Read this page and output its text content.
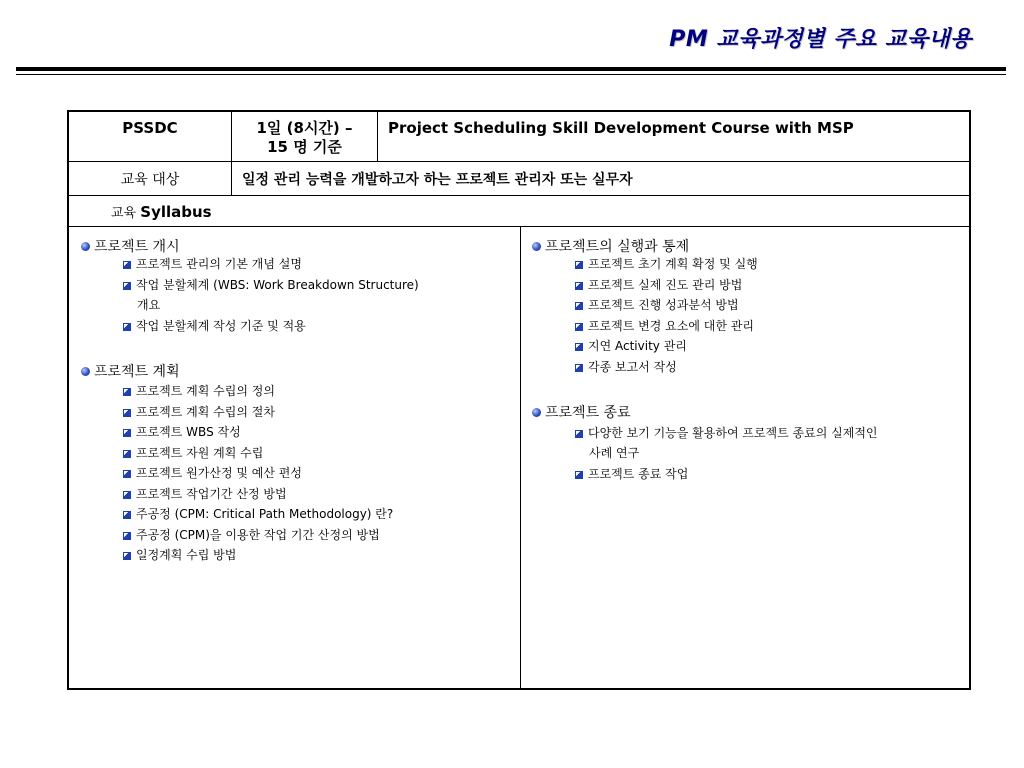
PM 교육과정별 주요 교육내용
PSSDC	1일 (8시간) –
15 명 기준
Project Scheduling Skill Development Course with MSP
교육 대상	일정 관리 능력을 개발하고자 하는 프로젝트 관리자 또는 실무자
교육 Syllabus
프로젝트 개시
프로젝트 관리의 기본 개념 설명
작업 분할체계 (WBS: Work Breakdown Structure)
개요
작업 분할체계 작성 기준 및 적용
프로젝트 계획
프로젝트 계획 수립의 정의
프로젝트 계획 수립의 절차
프로젝트 WBS 작성
프로젝트 자원 계획 수립
프로젝트 원가산정 및 예산 편성
프로젝트 작업기간 산정 방법
주공정 (CPM: Critical Path Methodology) 란?
주공정 (CPM)을 이용한 작업 기간 산정의 방법
일정계획 수립 방법
프로젝트의 실행과 통제
프로젝트 초기 계획 확정 및 실행
프로젝트 실제 진도 관리 방법
프로젝트 진행 성과분석 방법
프로젝트 변경 요소에 대한 관리
지연 Activity 관리
각종 보고서 작성
프로젝트 종료
다양한 보기 기능을 활용하여 프로젝트 종료의 실제적인
사례 연구
프로젝트 종료 작업
